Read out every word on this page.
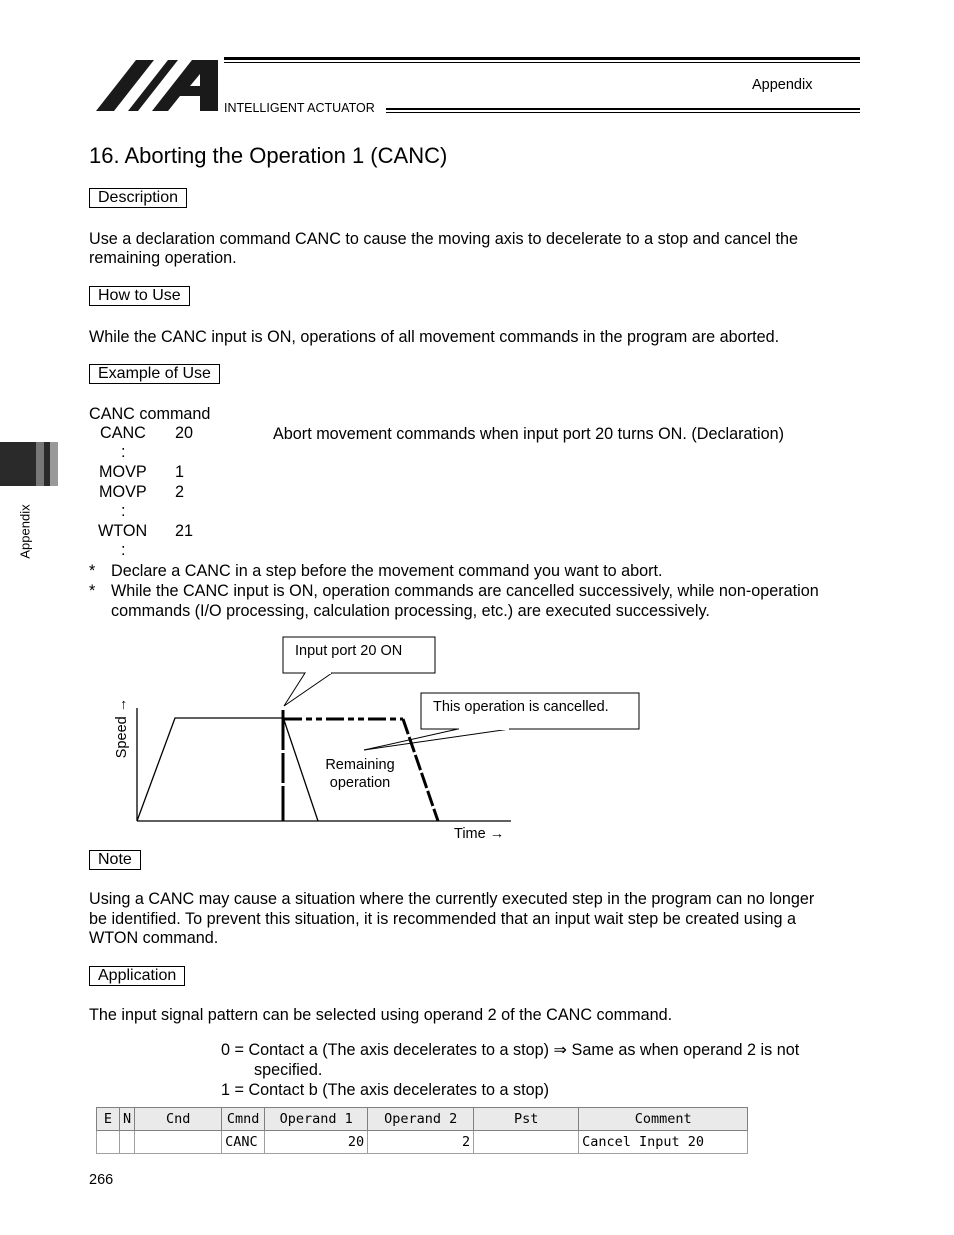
Appendix
INTELLIGENT ACTUATOR
Appendix
16. Aborting the Operation 1 (CANC)
Description
Use a declaration command CANC to cause the moving axis to decelerate to a stop and cancel the
remaining operation.
How to Use
While the CANC input is ON, operations of all movement commands in the program are aborted.
Example of Use
CANC command
CANC 20	Abort movement commands when input port 20 turns ON. (Declaration)
:
MOVP 1
MOVP 2
:
WTON 21
:
* Declare a CANC in a step before the movement command you want to abort.
* While the CANC input is ON, operation commands are cancelled successively, while non-operation
commands (I/O processing, calculation processing, etc.) are executed successively.
Input port 20 ON
This operation is cancelled.
Remaining
operation
Speed →
Time →
Note
Using a CANC may cause a situation where the currently executed step in the program can no longer
be identified. To prevent this situation, it is recommended that an input wait step be created using a
WTON command.
Application
The input signal pattern can be selected using operand 2 of the CANC command.
0 = Contact a (The axis decelerates to a stop) ⇒ Same as when operand 2 is not
specified.
1 = Contact b (The axis decelerates to a stop)
E	N	Cnd	Cmnd	Operand 1	Operand 2	Pst	Comment
			CANC	20	2		Cancel Input 20
266
